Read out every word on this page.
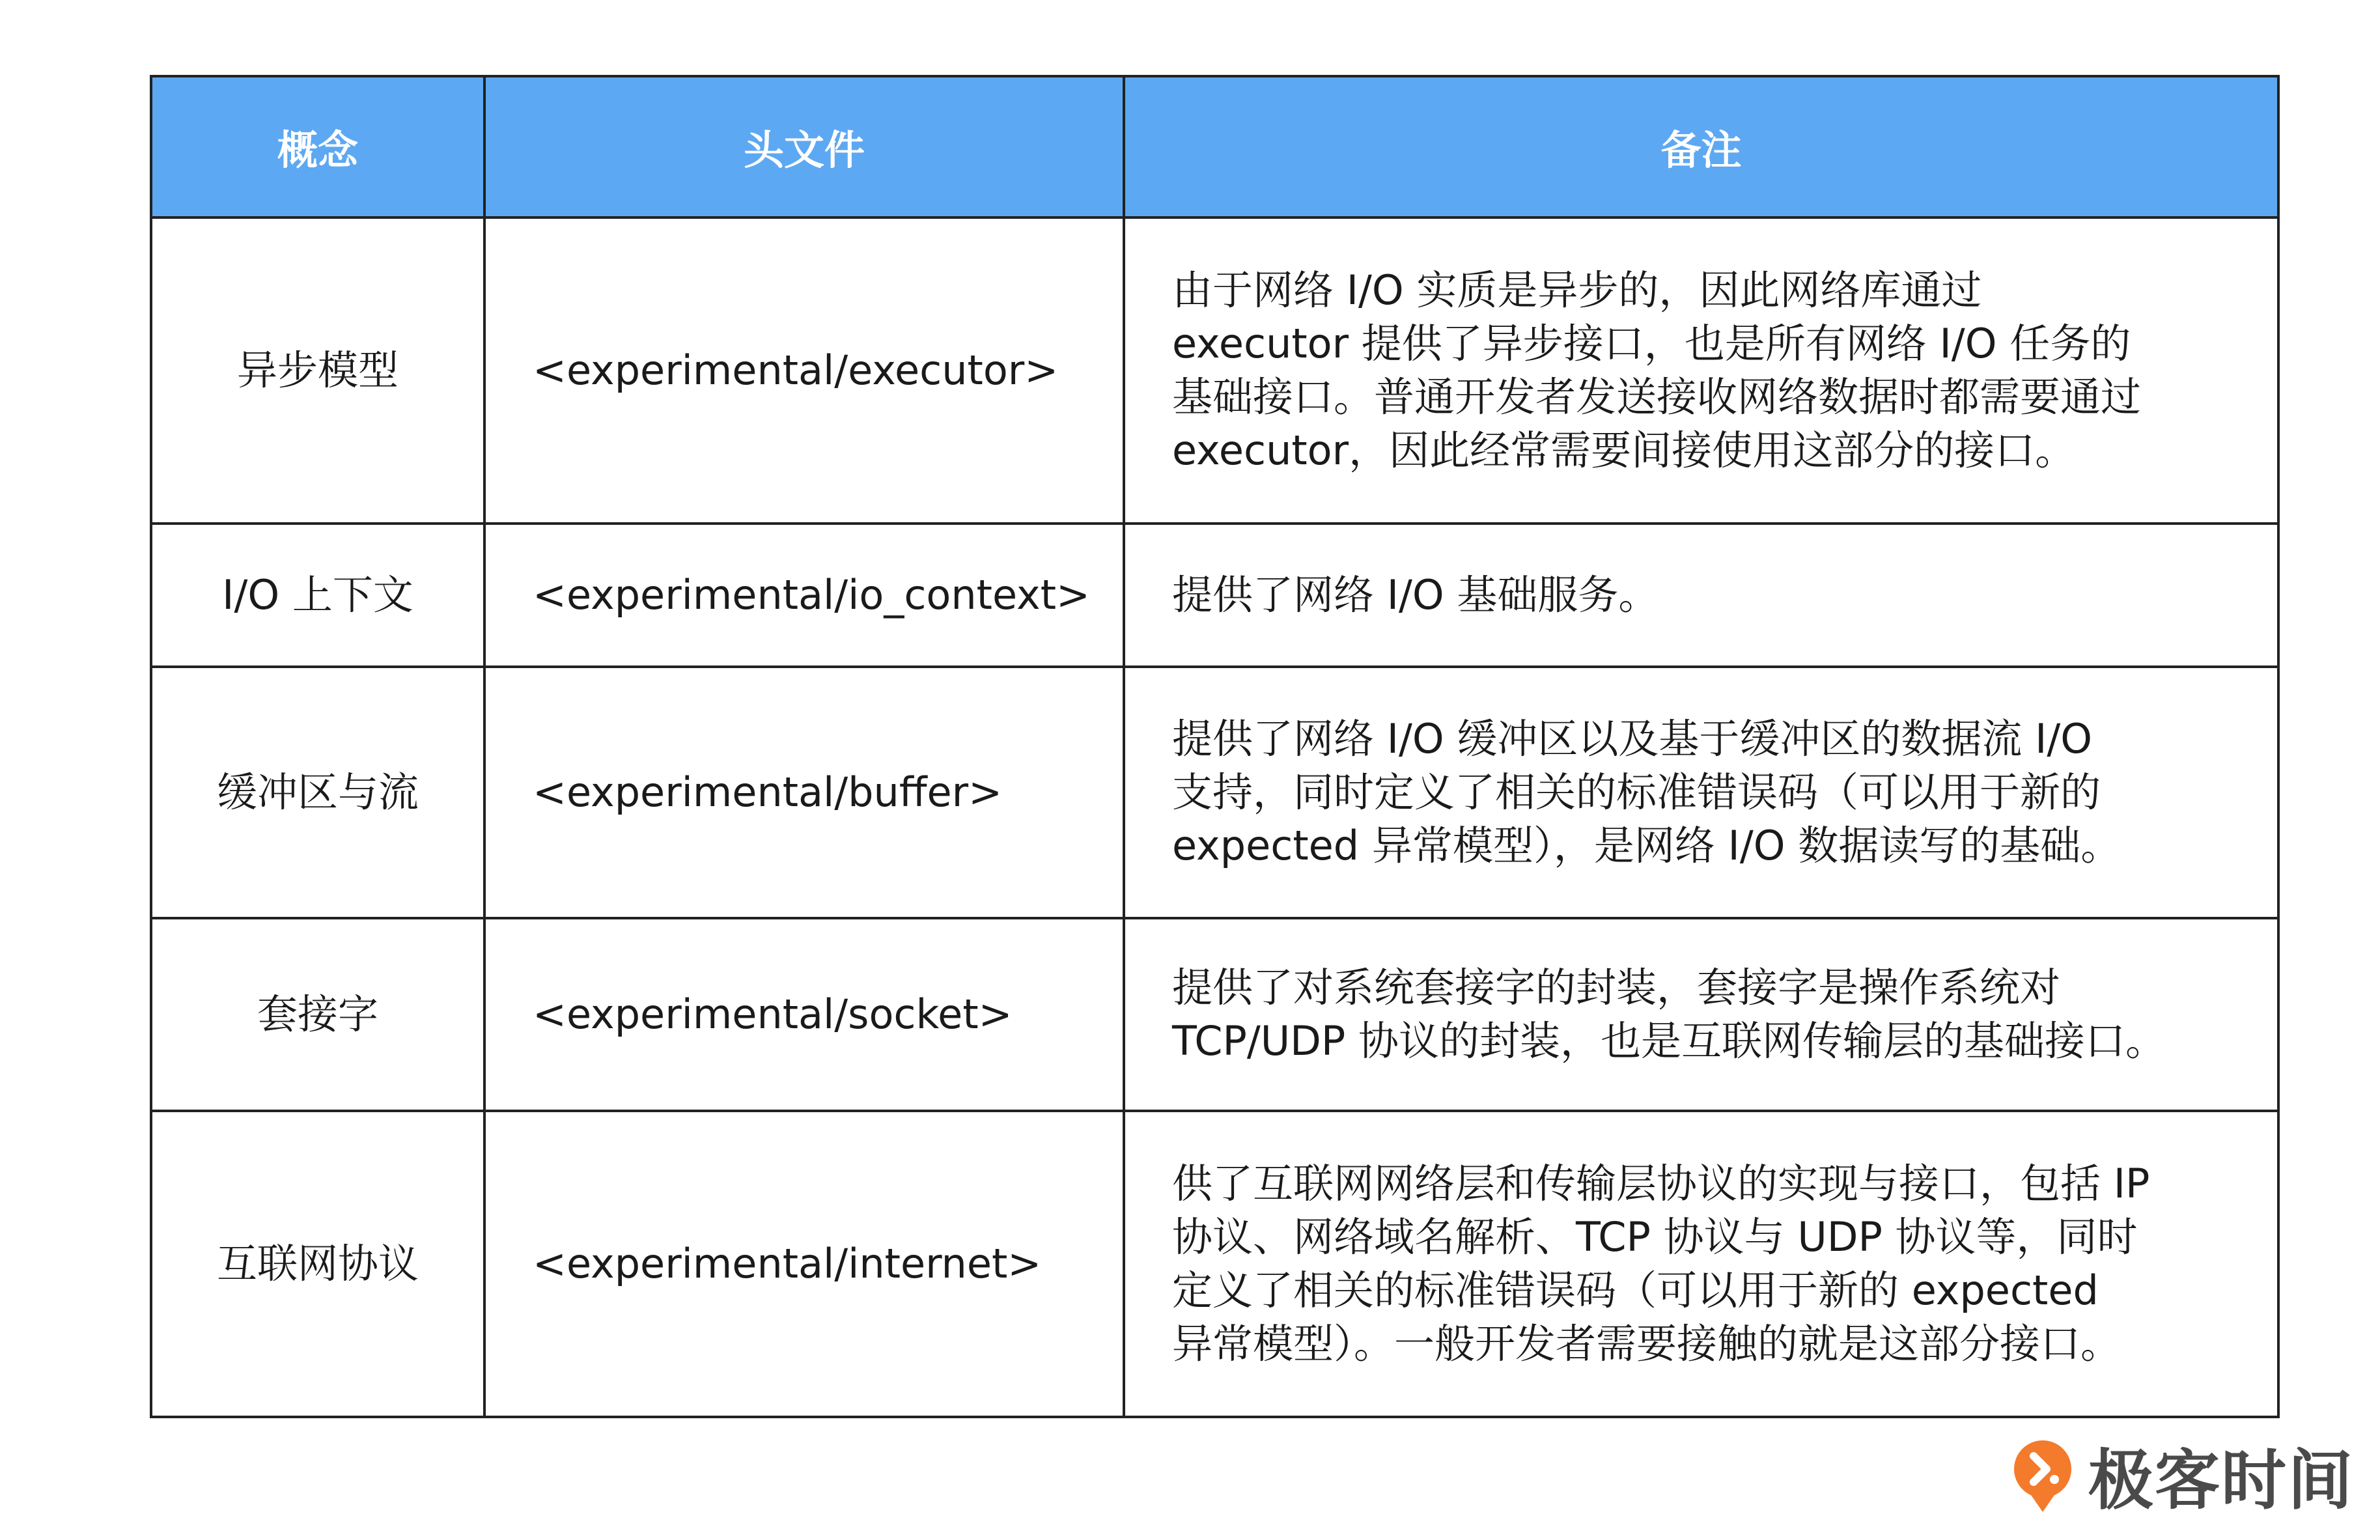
概念	头文件	备注
异步模型	<experimental/executor>	由于网络 I/O 实质是异步的，因此网络库通过
executor 提供了异步接口，也是所有网络 I/O 任务的
基础接口。普通开发者发送接收网络数据时都需要通过
executor，因此经常需要间接使用这部分的接口。

I/O 上下文	<experimental/io_context>	提供了网络 I/O 基础服务。

缓冲区与流	<experimental/buffer>	提供了网络 I/O 缓冲区以及基于缓冲区的数据流 I/O
支持，同时定义了相关的标准错误码（可以用于新的
expected 异常模型），是网络 I/O 数据读写的基础。

套接字	<experimental/socket>	提供了对系统套接字的封装，套接字是操作系统对
TCP/UDP 协议的封装，也是互联网传输层的基础接口。

互联网协议	<experimental/internet>	供了互联网网络层和传输层协议的实现与接口，包括 IP
协议、网络域名解析、TCP 协议与 UDP 协议等，同时
定义了相关的标准错误码（可以用于新的 expected
异常模型）。一般开发者需要接触的就是这部分接口。
极客时间
